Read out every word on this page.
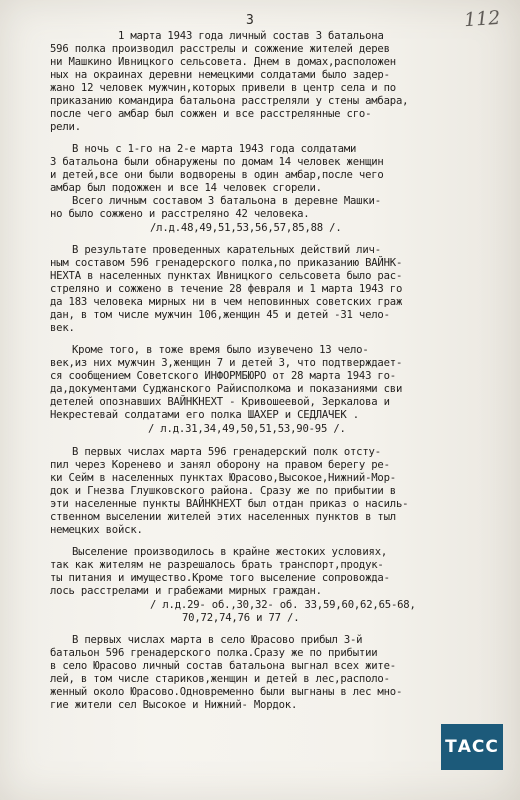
112
3
1 марта 1943 года личный состав 3 батальона
596 полка производил расстрелы и сожжение жителей дерев
ни Машкино Ивницкого сельсовета. Днем в домах,расположен
ных на окраинах деревни немецкими солдатами было задер-
жано 12 человек мужчин,которых привели в центр села и по
приказанию командира батальона расстреляли у стены амбара,
после чего амбар был сожжен и все расстрелянные сго-
рели.
В ночь с 1-го на 2-е марта 1943 года солдатами
3 батальона были обнаружены по домам 14 человек женщин
и детей,все они были водворены в один амбар,после чего
амбар был подожжен и все 14 человек сгорели.
Всего личным составом 3 батальона в деревне Машки-
но было сожжено и расстреляно 42 человека.
/л.д.48,49,51,53,56,57,85,88 /.
В результате проведенных карательных действий лич-
ным составом 596 гренадерского полка,по приказанию ВАЙНК-
НЕХТА в населенных пунктах Ивницкого сельсовета было рас-
стреляно и сожжено в течение 28 февраля и 1 марта 1943 го
да 183 человека мирных ни в чем неповинных советских граж
дан, в том числе мужчин 106,женщин 45 и детей -31 чело-
век.
Кроме того, в тоже время было изувечено 13 чело-
век,из них мужчин 3,женщин 7 и детей 3, что подтверждает-
ся сообщением Советского ИНФОРМБЮРО от 28 марта 1943 го-
да,документами Суджанского Райисполкома и показаниями сви
детелей опознавших ВАЙНКНЕХТ - Кривошеевой, Зеркалова и
Некрестевай солдатами его полка ШАХЕР и СЕДЛАЧЕК .
/ л.д.31,34,49,50,51,53,90-95 /.
В первых числах марта 596 гренадерский полк отсту-
пил через Коренево и занял оборону на правом берегу ре-
ки Сейм в населенных пунктах Юрасово,Высокое,Нижний-Мор-
док и Гнезва Глушковского района. Сразу же по прибытии в
эти населенные пункты ВАЙНКНЕХТ был отдан приказ о насиль-
ственном выселении жителей этих населенных пунктов в тыл
немецких войск.
Выселение производилось в крайне жестоких условиях,
так как жителям не разрешалось брать транспорт,продук-
ты питания и имущество.Кроме того выселение сопровожда-
лось расстрелами и грабежами мирных граждан.
/ л.д.29- об.,30,32- об. 33,59,60,62,65-68,
70,72,74,76 и 77 /.
В первых числах марта в село Юрасово прибыл 3-й
батальон 596 гренадерского полка.Сразу же по прибытии
в село Юрасово личный состав батальона выгнал всех жите-
лей, в том числе стариков,женщин и детей в лес,располо-
женный около Юрасово.Одновременно были выгнаны в лес мно-
гие жители сел Высокое и Нижний- Мордок.
ТАСС
